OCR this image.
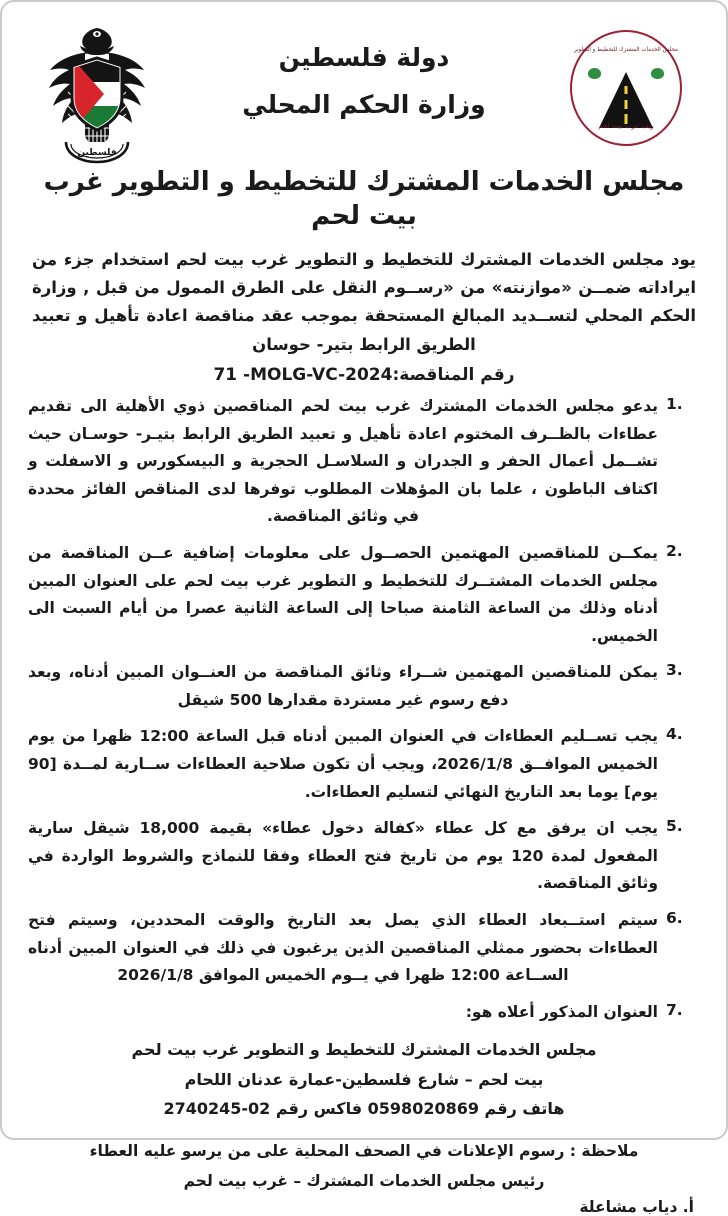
مجلس الخدمات المشترك للتخطيط و التطوير
ريف غرب بيت لحم
فلسطين
دولة فلسطين
وزارة الحكم المحلي
مجلس الخدمات المشترك للتخطيط و التطوير غرب بيت لحم

يود مجلس الخدمات المشترك للتخطيط و التطوير غرب بيت لحم استخدام جزء من ايراداته ضمــن «موازنته» من «رســوم النقل على الطرق الممول من قبل , وزارة الحكم المحلي لتســديد المبالغ المستحقة بموجب عقد مناقصة اعادة تأهيل و تعبيد الطريق الرابط بتير- حوسان

رقم المناقصة:71 -MOLG-VC-2024
1.
يدعو مجلس الخدمات المشترك غرب بيت لحم المناقصين ذوي الأهلية الى تقديم عطاءات بالظــرف المختوم اعادة تأهيل و تعبيد الطريق الرابط بتيـر- حوسـان حيث تشــمل أعمال الحفر و الجدران و السلاسـل الحجرية و البيسكورس و الاسفلت و اكتاف الباطون ، علما بان المؤهلات المطلوب توفرها لدى المناقص الفائز محددة في وثائق المناقصة.
2.
يمكــن للمناقصين المهتمين الحصــول على معلومات إضافية عــن المناقصة من مجلس الخدمات المشتــرك للتخطيط و التطوير غرب بيت لحم على العنوان المبين أدناه وذلك من الساعة الثامنة صباحا إلى الساعة الثانية عصرا من أيام السبت الى الخميس.
3.
يمكن للمناقصين المهتمين شــراء وثائق المناقصة من العنــوان المبين أدناه، وبعد دفع رسوم غير مستردة مقدارها 500 شيقل
4.
يجب تســليم العطاءات في العنوان المبين أدناه قبل الساعة 12:00 ظهرا من يوم الخميس الموافــق 2026/1/8، ويجب أن تكون صلاحية العطاءات ســارية لمــدة [90 يوم] يوما بعد التاريخ النهائي لتسليم العطاءات.
5.
يجب ان يرفق مع كل عطاء «كفالة دخول عطاء» بقيمة 18,000 شيقل سارية المفعول لمدة 120 يوم من تاريخ فتح العطاء وفقا للنماذج والشروط الواردة في وثائق المناقصة.
6.
سيتم استــبعاد العطاء الذي يصل بعد التاريخ والوقت المحددين، وسيتم فتح العطاءات بحضور ممثلي المناقصين الذين يرغبون في ذلك في العنوان المبين أدناه الســاعة 12:00 ظهرا في يــوم الخميس الموافق 2026/1/8
7.
العنوان المذكور أعلاه هو:
مجلس الخدمات المشترك للتخطيط و التطوير غرب بيت لحم
بيت لحم – شارع فلسطين-عمارة عدنان اللحام
هاتف رقم 0598020869 فاكس رقم 02-2740245
ملاحظة : رسوم الإعلانات في الصحف المحلية على من يرسو عليه العطاء
رئيس مجلس الخدمات المشترك – غرب بيت لحم
أ. دياب مشاعلة
